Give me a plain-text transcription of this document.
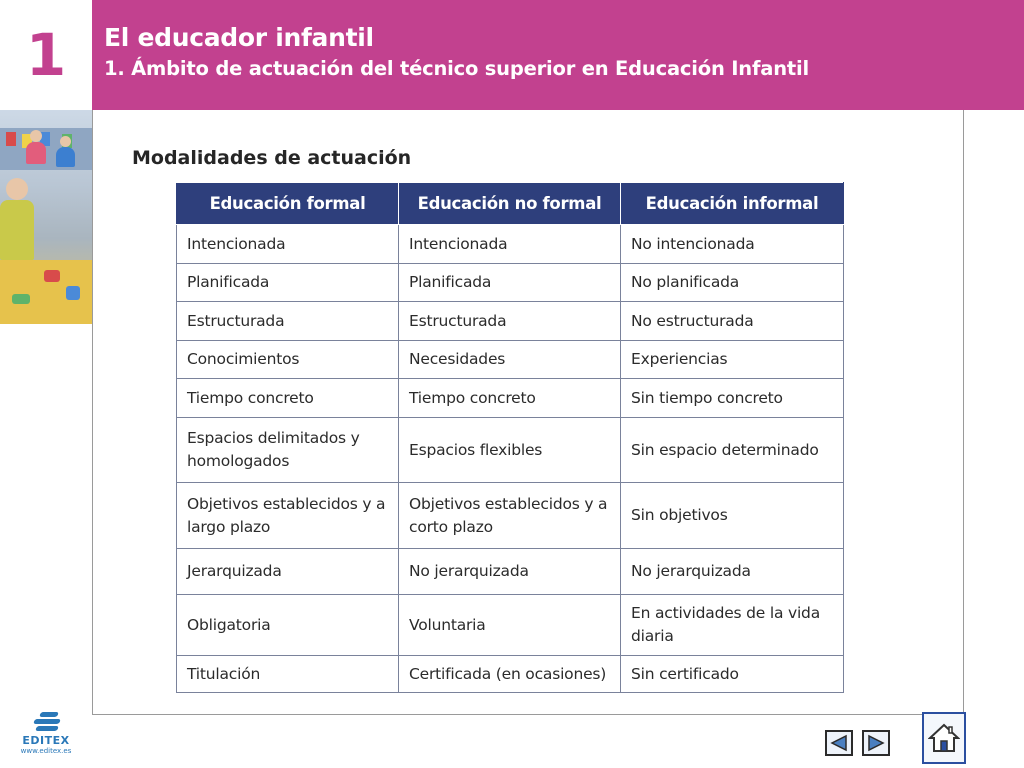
1	El educador infantil
1. Ámbito de actuación del técnico superior en Educación Infantil
Modalidades de actuación
Educación formal	Educación no formal	Educación informal
Intencionada	Intencionada	No intencionada
Planificada	Planificada	No planificada
Estructurada	Estructurada	No estructurada
Conocimientos	Necesidades	Experiencias
Tiempo concreto	Tiempo concreto	Sin tiempo concreto
Espacios delimitados y homologados	Espacios flexibles	Sin espacio determinado
Objetivos establecidos y a largo plazo	Objetivos establecidos y a corto plazo	Sin objetivos
Jerarquizada	No jerarquizada	No jerarquizada
Obligatoria	Voluntaria	En actividades de la vida diaria
Titulación	Certificada (en ocasiones)	Sin certificado
EDITEX
www.editex.es
